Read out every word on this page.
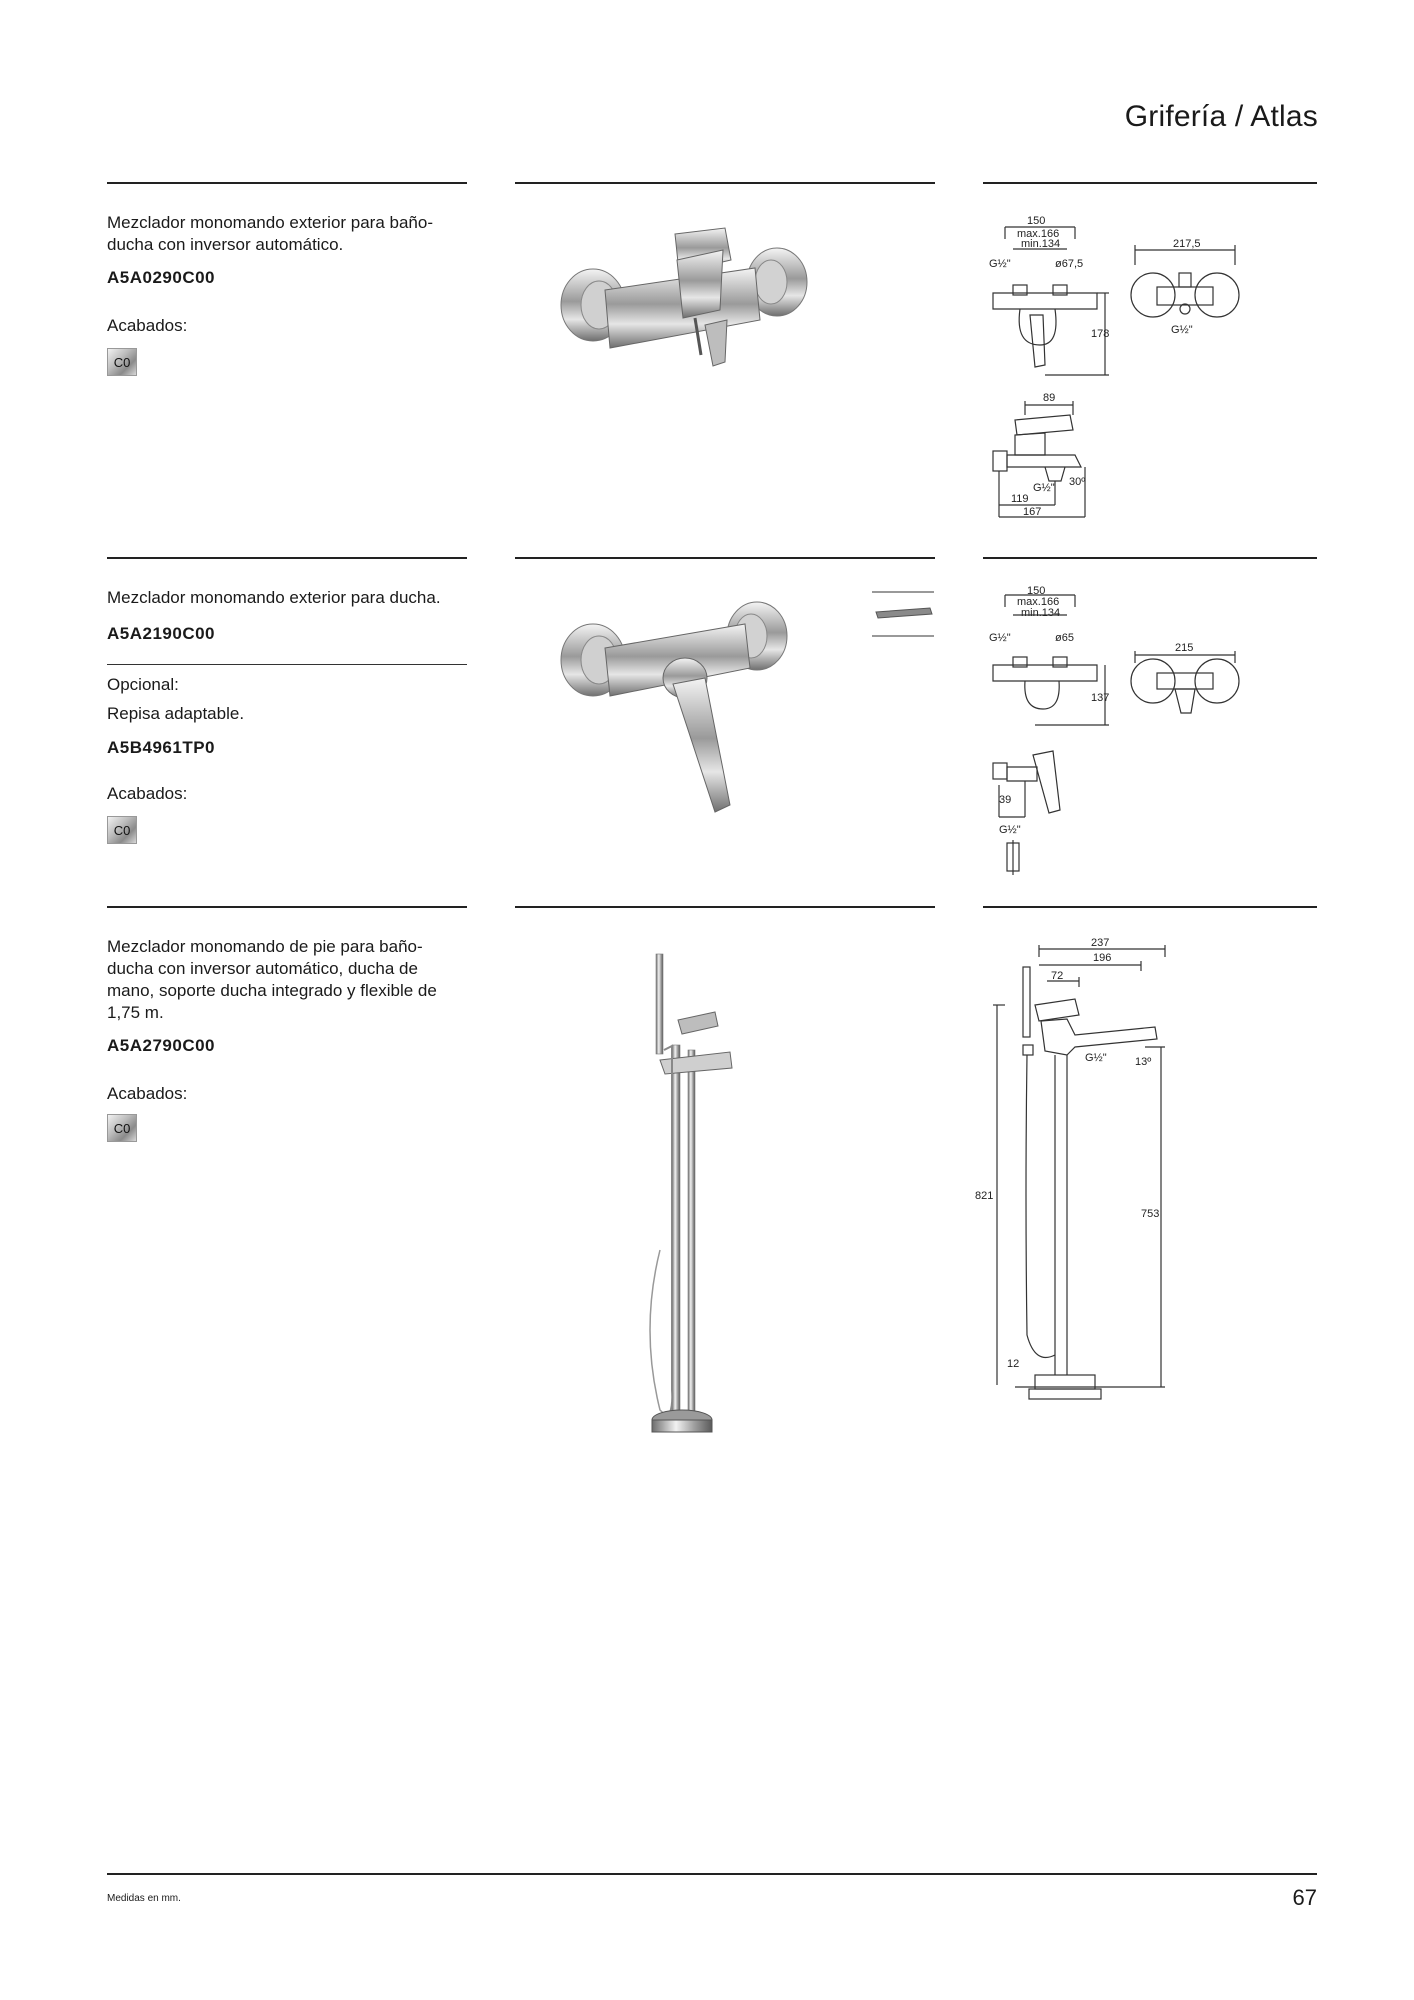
Grifería / Atlas
Mezclador monomando exterior para baño-
ducha con inversor automático.
A5A0290C00
Acabados:
C0
150
max.166
min.134
G½"	ø67,5
178
217,5
G½"
89
G½" 30º
119
167
Mezclador monomando exterior para ducha.
A5A2190C00
Opcional:
Repisa adaptable.
A5B4961TP0
Acabados:
C0
150
max.166
min.134
G½"	ø65
137
215
39
G½"
Mezclador monomando de pie para baño-
ducha con inversor automático, ducha de
mano, soporte ducha integrado y flexible de
1,75 m.
A5A2790C00
Acabados:
C0
237
196
72
G½"	13º
821
753
12
Medidas en mm.	67
